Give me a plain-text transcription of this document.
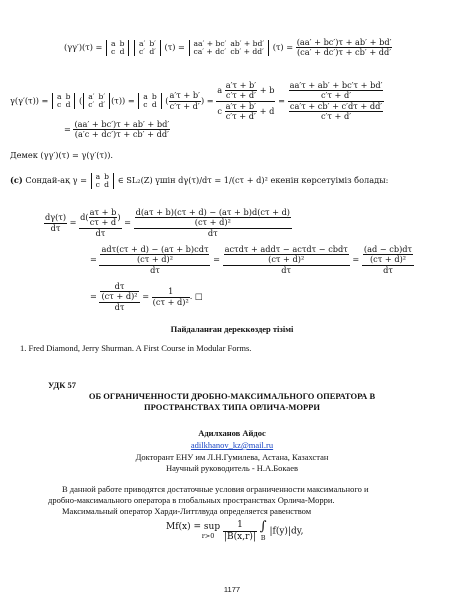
(γγ′)(τ) = a	b
c	d a′	b′
c′	d′ (τ) = aa′ + bc′	ab′ + bd′
ca′ + dc′	cb′ + dd′ $(\tau) = \frac{(aa' + bc')\tau + ab' + bd'}{(ca' + dc')\tau + cb' + dd'}$
γ(γ′(τ)) = a	b
c	d ( a′	b′
c′	d′ (τ)) = a	b
c	d ( $\frac{a'\tau + b'}{c'\tau + d'}$ ) = $\frac{a \frac{a'\tau + b'}{c'\tau + d'} + b}{c \frac{a'\tau + b'}{c'\tau + d'} + d} = \frac{\frac{aa'\tau + ab' + bc'\tau + bd'}{c'\tau + d'}}{\frac{ca'\tau + cb' + c'd\tau + dd'}{c'\tau + d'}}$
= $\frac{(aa' + bc')\tau + ab' + bd'}{(a'c + dc')\tau + cb' + dd'}$
Демек (γγ′)(τ) = γ(γ′(τ)).
(c) Сондай-ақ γ = a	b
c	d ∈ SL₂(Z) үшін dγ(τ)/dτ = 1/(cτ + d)² екенін көрсетуіміз болады:
$\frac{d\gamma(\tau)}{d\tau} = \frac{d( \frac{a\tau + b}{c\tau + d} )}{d\tau} = \frac{\frac{d(a\tau + b)(c\tau + d) - (a\tau + b)d(c\tau + d)}{\text{(cτ + d)²}}}{d\tau}$
= $\frac{\frac{\text{adτ(cτ + d) − (aτ + b)cdτ}}{\text{(cτ + d)²}}}{d\tau} = \frac{\frac{\text{acτdτ + addτ − acτdτ − cbdτ}}{\text{(cτ + d)²}}}{d\tau} = \frac{\frac{(ad - cb)d\tau}{\text{(cτ + d)²}}}{d\tau}$
= $\frac{\frac{d\tau}{\text{(cτ + d)²}}}{d\tau} = \frac{1}{\text{(cτ + d)²}}$ . □
Пайдаланған дереккөздер тізімі
1. Fred Diamond, Jerry Shurman. A First Course in Modular Forms.
УДК 57
ОБ ОГРАНИЧЕННОСТИ ДРОБНО-МАКСИМАЛЬНОГО ОПЕРАТОРА В
ПРОСТРАНСТВАХ ТИПА ОРЛИЧА-МОРРИ
Адилханов Айдос
adilkhanov_kz@mail.ru
Докторант ЕНУ им Л.Н.Гумилева, Астана, Казахстан
Научный руководитель - Н.А.Бокаев
В данной работе приводятся достаточные условия ограниченности максимального и
дробно-максимального оператора в глобальных пространствах Орлича-Морри.
Максимальный оператор Харди-Литтлвуда определяется равенством
Mf(x) = sup
r>0
$\frac{1}{|B(x,r)|}$
∫
B
|f(y)|dy,
1177
